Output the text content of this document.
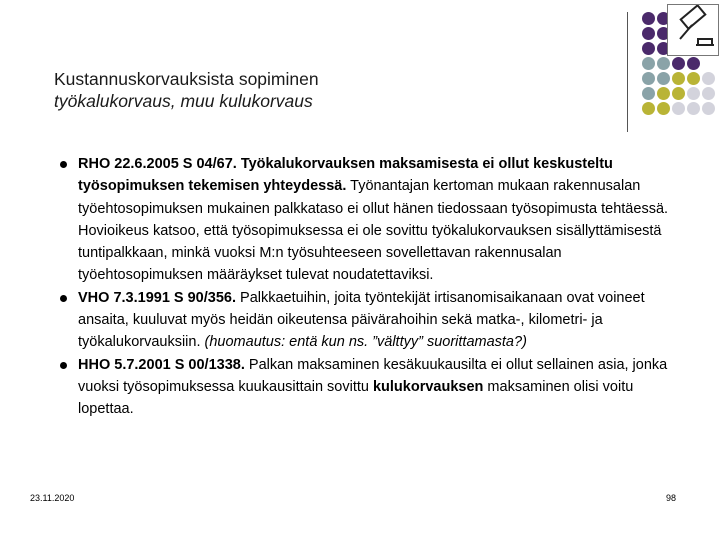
Kustannuskorvauksista sopiminen
työkalukorvaus, muu kulukorvaus
RHO 22.6.2005 S 04/67. Työkalukorvauksen maksamisesta ei ollut keskusteltu työsopimuksen tekemisen yhteydessä. Työnantajan kertoman mukaan rakennusalan työehtosopimuksen mukainen palkkataso ei ollut hänen tiedossaan työsopimusta tehtäessä. Hovioikeus katsoo, että työsopimuksessa ei ole sovittu työkalukorvauksen sisällyttämisestä tuntipalkkaan, minkä vuoksi M:n työsuhteeseen sovellettavan rakennusalan työehtosopimuksen määräykset tulevat noudatettaviksi.
VHO 7.3.1991 S 90/356. Palkkaetuihin, joita työntekijät irtisanomisaikanaan ovat voineet ansaita, kuuluvat myös heidän oikeutensa päivärahoihin sekä matka-, kilometri- ja työkalukorvauksiin. (huomautus: entä kun ns. ”välttyy” suorittamasta?)
HHO 5.7.2001 S 00/1338. Palkan maksaminen kesäkuukausilta ei ollut sellainen asia, jonka vuoksi työsopimuksessa kuukausittain sovittu kulukorvauksen maksaminen olisi voitu lopettaa.
23.11.2020	98
